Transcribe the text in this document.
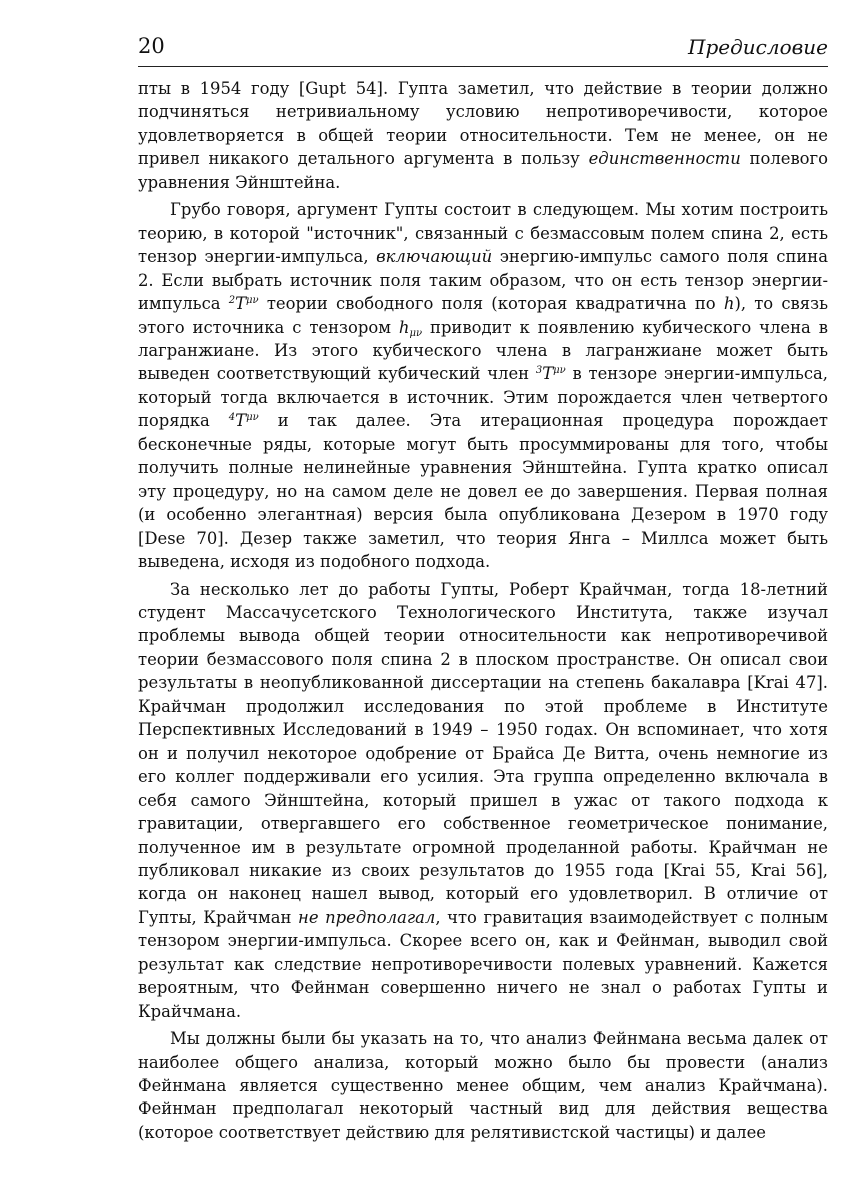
20	Предисловие

пты в 1954 году [Gupt 54]. Гупта заметил, что действие в теории должно подчиняться нетривиальному условию непротиворечивости, которое удовлетворяется в общей теории относительности. Тем не менее, он не привел никакого детального аргумента в пользу единственности полевого уравнения Эйнштейна.

Грубо говоря, аргумент Гупты состоит в следующем. Мы хотим построить теорию, в которой "источник", связанный с безмассовым полем спина 2, есть тензор энергии-импульса, включающий энергию-импульс самого поля спина 2. Если выбрать источник поля таким образом, что он есть тензор энергии-импульса $^2T^{\mu\nu}$ теории свободного поля (которая квадратична по h), то связь этого источника с тензором $h_{\mu\nu}$ приводит к появлению кубического члена в лагранжиане. Из этого кубического члена в лагранжиане может быть выведен соответствующий кубический член $^3T^{\mu\nu}$ в тензоре энергии-импульса, который тогда включается в источник. Этим порождается член четвертого порядка $^4T^{\mu\nu}$ и так далее. Эта итерационная процедура порождает бесконечные ряды, которые могут быть просуммированы для того, чтобы получить полные нелинейные уравнения Эйнштейна. Гупта кратко описал эту процедуру, но на самом деле не довел ее до завершения. Первая полная (и особенно элегантная) версия была опубликована Дезером в 1970 году [Dese 70]. Дезер также заметил, что теория Янга – Миллса может быть выведена, исходя из подобного подхода.

За несколько лет до работы Гупты, Роберт Крайчман, тогда 18-летний студент Массачусетского Технологического Института, также изучал проблемы вывода общей теории относительности как непротиворечивой теории безмассового поля спина 2 в плоском пространстве. Он описал свои результаты в неопубликованной диссертации на степень бакалавра [Krai 47]. Крайчман продолжил исследования по этой проблеме в Институте Перспективных Исследований в 1949 – 1950 годах. Он вспоминает, что хотя он и получил некоторое одобрение от Брайса Де Витта, очень немногие из его коллег поддерживали его усилия. Эта группа определенно включала в себя самого Эйнштейна, который пришел в ужас от такого подхода к гравитации, отвергавшего его собственное геометрическое понимание, полученное им в результате огромной проделанной работы. Крайчман не публиковал никакие из своих результатов до 1955 года [Krai 55, Krai 56], когда он наконец нашел вывод, который его удовлетворил. В отличие от Гупты, Крайчман не предполагал, что гравитация взаимодействует с полным тензором энергии-импульса. Скорее всего он, как и Фейнман, выводил свой результат как следствие непротиворечивости полевых уравнений. Кажется вероятным, что Фейнман совершенно ничего не знал о работах Гупты и Крайчмана.

Мы должны были бы указать на то, что анализ Фейнмана весьма далек от наиболее общего анализа, который можно было бы провести (анализ Фейнмана является существенно менее общим, чем анализ Крайчмана). Фейнман предполагал некоторый частный вид для действия вещества (которое соответствует действию для релятивистской частицы) и далее
